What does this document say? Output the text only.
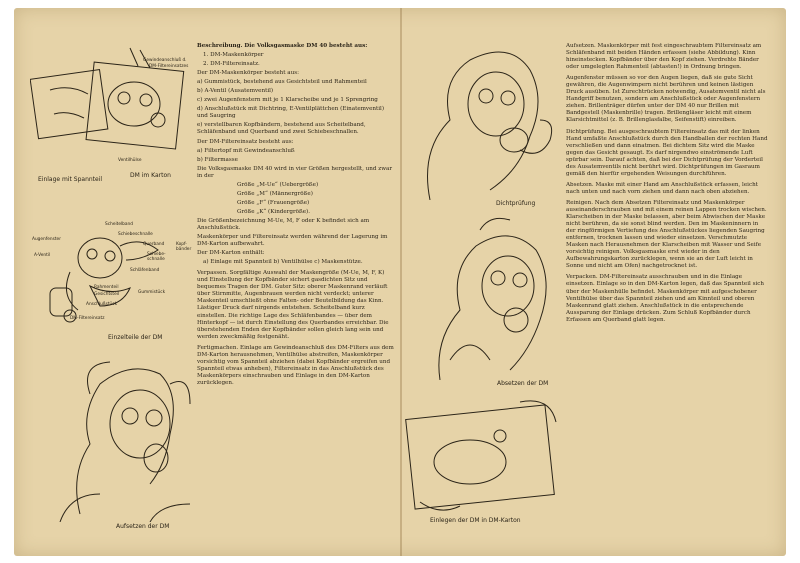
Gewindeanschluß d.
DM-Filtereinsatzes
Ventilhülse
Einlage mit Spannteil
DM im Karton
Scheitelband
Augenfenster
Schiebeschnalle
Querband	Kopf-bänder
A-Ventil	Schiebe-schnalle
Schläfenband
Rahmenteil
Gesichtsteil	Gummistück
Anschlußstück
DM-Filtereinsatz
Einzelteile der DM
Aufsetzen der DM

Beschreibung. Die Volksgasmaske DM 40 besteht aus:

1. DM-Maskenkörper

2. DM-Filtereinsatz.

Der DM-Maskenkörper besteht aus:

a) Gummistück, bestehend aus Gesichtsteil und Rahmenteil

b) A-Ventil (Ausatemventil)

c) zwei Augenfenstern mit je 1 Klarscheibe und je 1 Sprengring

d) Anschlußstück mit Dichtring, E-Ventilplättchen (Einatemventil) und Saugring

e) verstellbaren Kopfbändern, bestehend aus Scheitelband, Schläfenband und Querband und zwei Schiebeschnallen.

Der DM-Filtereinsatz besteht aus:

a) Filtertopf mit Gewindeanschluß

b) Filtermasse

Die Volksgasmaske DM 40 wird in vier Größen hergestellt, und zwar in der

Größe „M-Ue“ (Uebergröße)

Größe „M“ (Männergröße)

Größe „F“ (Frauengröße)

Größe „K“ (Kindergröße).

Die Größenbezeichnung M-Ue, M, F oder K befindet sich am Anschlußstück.

Maskenkörper und Filtereinsatz werden während der Lagerung im DM-Karton aufbewahrt.

Der DM-Karton enthält:

a) Einlage mit Spannteil b) Ventilhülse c) Maskenstütze.

Verpassen. Sorgfältige Auswahl der Maskengröße (M-Ue, M, F, K) und Einstellung der Kopfbänder sichert gasdichten Sitz und bequemes Tragen der DM. Guter Sitz: oberer Maskenrand verläuft über Stirnmitte, Augenbrauen werden nicht verdeckt; unterer Maskenteil umschließt ohne Falten- oder Beutelbildung das Kinn. Lästiger Druck darf nirgends entstehen. Scheitelband kurz einstellen. Die richtige Lage des Schläfenbandes — über dem Hinterkopf — ist durch Einstellung des Querbandes erreichbar. Die überstehenden Enden der Kopfbänder sollen gleich lang sein und werden zweckmäßig festgenäht.

Fertigmachen. Einlage am Gewindeanschluß des DM-Filters aus dem DM-Karton herausnehmen, Ventilhülse abstreifen, Maskenkörper vorsichtig vom Spannteil abziehen (dabei Kopfbänder ergreifen und Spannteil etwas anheben), Filtereinsatz in das Anschlußstück des Maskenkörpers einschrauben und Einlage in den DM-Karton zurücklegen.

Dichtprüfung
Absetzen der DM
Einlegen der DM in DM-Karton

Aufsetzen. Maskenkörper mit fest eingeschraubtem Filtereinsatz am Schläfenband mit beiden Händen erfassen (siehe Abbildung). Kinn hineinstecken. Kopfbänder über den Kopf ziehen. Verdrehte Bänder oder umgelegten Rahmenteil (abtasten!) in Ordnung bringen.

Augenfenster müssen so vor den Augen liegen, daß sie gute Sicht gewähren, die Augenwimpern nicht berühren und keinen lästigen Druck ausüben. Ist Zurechtrücken notwendig, Ausatemventil nicht als Handgriff benutzen, sondern am Anschlußstück oder Augenfenstern ziehen. Brillenträger dürfen unter der DM 40 nur Brillen mit Bandgestell (Maskenbrille) tragen. Brillengläser leicht mit einem Klarsichtmittel (z. B. Brillenglasfalbe, Seifenstift) einreiben.

Dichtprüfung. Bei ausgeschraubtem Filtereinsatz das mit der linken Hand umfaßte Anschlußstück durch den Handballen der rechten Hand verschließen und dann einatmen. Bei dichtem Sitz wird die Maske gegen das Gesicht gesaugt. Es darf nirgendwo einströmende Luft spürbar sein. Darauf achten, daß bei der Dichtprüfung der Vorderteil des Ausatemventils nicht berührt wird. Dichtprüfungen im Gasraum gemäß den hierfür ergehenden Weisungen durchführen.

Absetzen. Maske mit einer Hand am Anschlußstück erfassen, leicht nach unten und nach vorn ziehen und dann nach oben abziehen.

Reinigen. Nach dem Absetzen Filtereinsatz und Maskenkörper auseinanderschrauben und mit einem reinen Lappen trocken wischen. Klarscheiben in der Maske belassen, aber beim Abwischen der Maske nicht berühren, da sie sonst blind werden. Den im Maskeninnern in der ringförmigen Vertiefung des Anschlußstückes liegenden Saugring entfernen, trocknen lassen und wieder einsetzen. Verschmutzte Masken nach Herausnehmen der Klarscheiben mit Wasser und Seife vorsichtig reinigen. Volksgasmaske erst wieder in den Aufbewahrungskarton zurücklegen, wenn sie an der Luft leicht in Sonne und nicht am Ofen) nachgetrocknet ist.

Verpacken. DM-Filtereinsatz ausschrauben und in die Einlage einsetzen. Einlage so in den DM-Karton legen, daß das Spannteil sich über der Maskenhülle befindet. Maskenkörper mit aufgeschobener Ventilhülse über das Spannteil ziehen und am Kinnteil und oberen Maskenrand glatt ziehen. Anschlußstück in die entsprechende Aussparung der Einlage drücken. Zum Schluß Kopfbänder durch Erfassen am Querband glatt legen.
